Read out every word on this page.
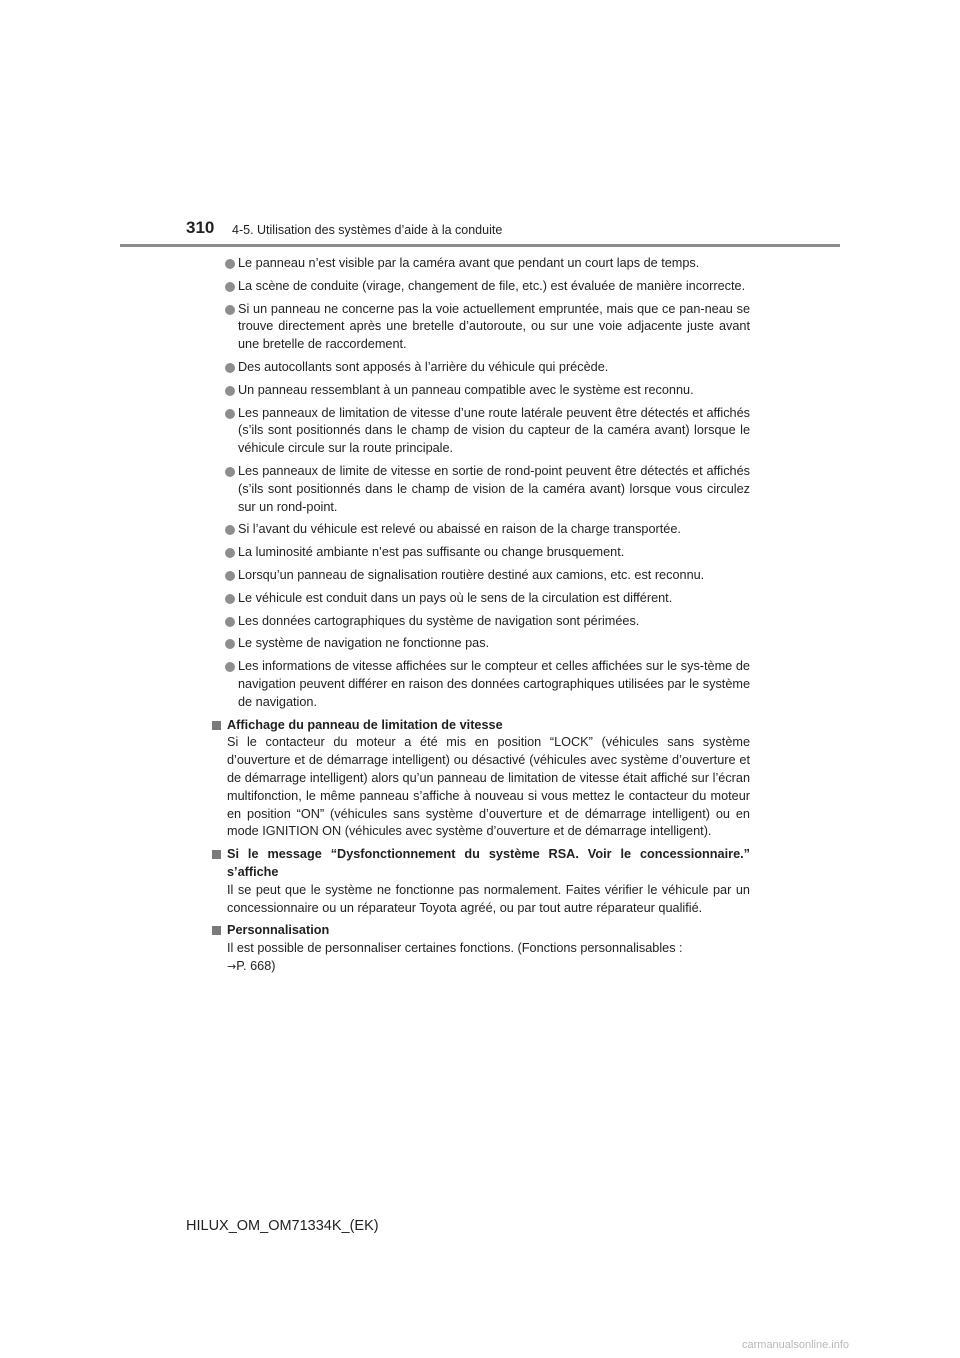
310 4-5. Utilisation des systèmes d’aide à la conduite
Le panneau n’est visible par la caméra avant que pendant un court laps de temps.
La scène de conduite (virage, changement de file, etc.) est évaluée de manière incorrecte.
Si un panneau ne concerne pas la voie actuellement empruntée, mais que ce pan-neau se trouve directement après une bretelle d’autoroute, ou sur une voie adjacente juste avant une bretelle de raccordement.
Des autocollants sont apposés à l’arrière du véhicule qui précède.
Un panneau ressemblant à un panneau compatible avec le système est reconnu.
Les panneaux de limitation de vitesse d’une route latérale peuvent être détectés et affichés (s’ils sont positionnés dans le champ de vision du capteur de la caméra avant) lorsque le véhicule circule sur la route principale.
Les panneaux de limite de vitesse en sortie de rond-point peuvent être détectés et affichés (s’ils sont positionnés dans le champ de vision de la caméra avant) lorsque vous circulez sur un rond-point.
Si l’avant du véhicule est relevé ou abaissé en raison de la charge transportée.
La luminosité ambiante n’est pas suffisante ou change brusquement.
Lorsqu’un panneau de signalisation routière destiné aux camions, etc. est reconnu.
Le véhicule est conduit dans un pays où le sens de la circulation est différent.
Les données cartographiques du système de navigation sont périmées.
Le système de navigation ne fonctionne pas.
Les informations de vitesse affichées sur le compteur et celles affichées sur le sys-tème de navigation peuvent différer en raison des données cartographiques utilisées par le système de navigation.
Affichage du panneau de limitation de vitesse
Si le contacteur du moteur a été mis en position “LOCK” (véhicules sans système d’ouverture et de démarrage intelligent) ou désactivé (véhicules avec système d’ouverture et de démarrage intelligent) alors qu’un panneau de limitation de vitesse était affiché sur l’écran multifonction, le même panneau s’affiche à nouveau si vous mettez le contacteur du moteur en position “ON” (véhicules sans système d’ouverture et de démarrage intelligent) ou en mode IGNITION ON (véhicules avec système d’ouverture et de démarrage intelligent).
Si le message “Dysfonctionnement du système RSA. Voir le concessionnaire.” s’affiche
Il se peut que le système ne fonctionne pas normalement. Faites vérifier le véhicule par un concessionnaire ou un réparateur Toyota agréé, ou par tout autre réparateur qualifié.
Personnalisation
Il est possible de personnaliser certaines fonctions. (Fonctions personnalisables :
→P. 668)
HILUX_OM_OM71334K_(EK)
carmanualsonline.info
